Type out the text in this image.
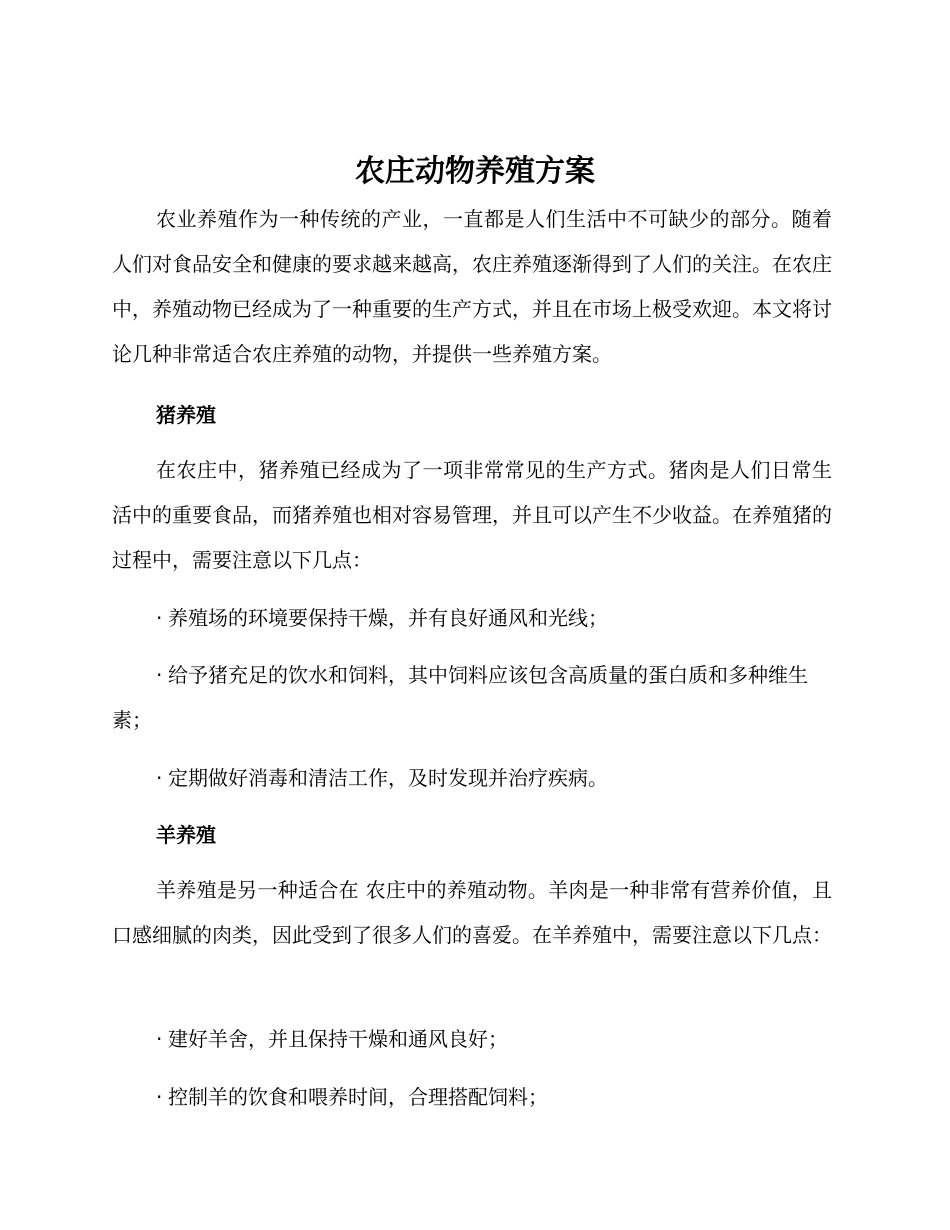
农庄动物养殖方案

农业养殖作为一种传统的产业，一直都是人们生活中不可缺少的部分。随着人们对食品安全和健康的要求越来越高，农庄养殖逐渐得到了人们的关注。在农庄中，养殖动物已经成为了一种重要的生产方式，并且在市场上极受欢迎。本文将讨论几种非常适合农庄养殖的动物，并提供一些养殖方案。

猪养殖

在农庄中，猪养殖已经成为了一项非常常见的生产方式。猪肉是人们日常生活中的重要食品，而猪养殖也相对容易管理，并且可以产生不少收益。在养殖猪的过程中，需要注意以下几点：

· 养殖场的环境要保持干燥，并有良好通风和光线；

· 给予猪充足的饮水和饲料，其中饲料应该包含高质量的蛋白质和多种维生素；

· 定期做好消毒和清洁工作，及时发现并治疗疾病。

羊养殖

羊养殖是另一种适合在 农庄中的养殖动物。羊肉是一种非常有营养价值，且口感细腻的肉类，因此受到了很多人们的喜爱。在羊养殖中，需要注意以下几点：

· 建好羊舍，并且保持干燥和通风良好；

· 控制羊的饮食和喂养时间，合理搭配饲料；
